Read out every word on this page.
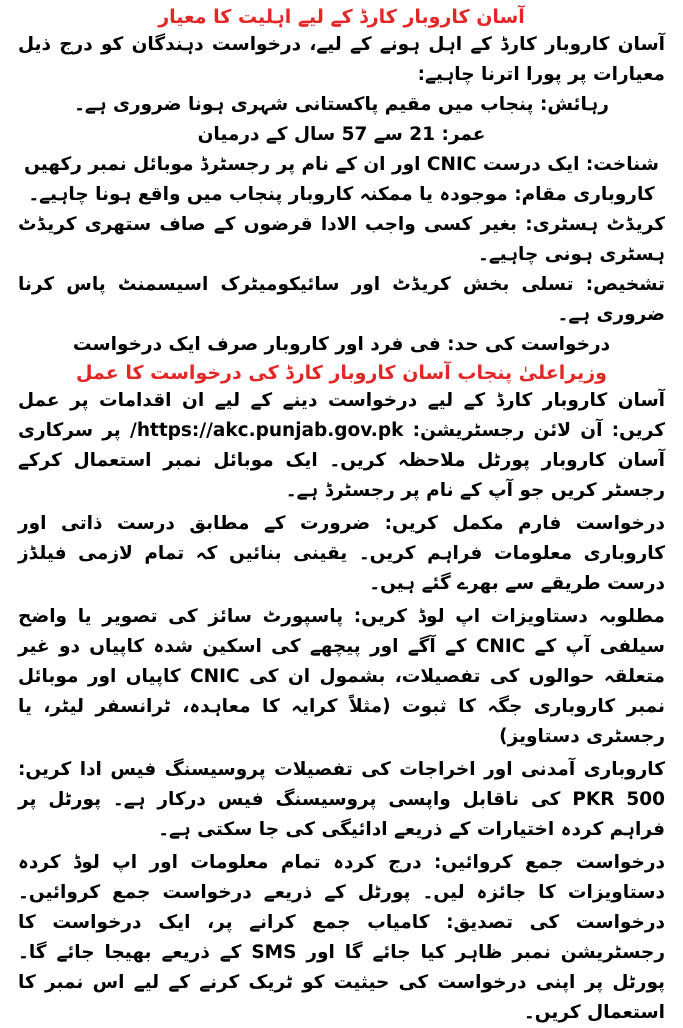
آسان کاروبار کارڈ کے لیے اہلیت کا معیار

آسان کاروبار کارڈ کے اہل ہونے کے لیے، درخواست دہندگان کو درج ذیل معیارات پر پورا اترنا چاہیے:

رہائش: پنجاب میں مقیم پاکستانی شہری ہونا ضروری ہے۔

عمر: 21 سے 57 سال کے درمیان

شناخت: ایک درست CNIC اور ان کے نام پر رجسٹرڈ موبائل نمبر رکھیں

کاروباری مقام: موجودہ یا ممکنہ کاروبار پنجاب میں واقع ہونا چاہیے۔

کریڈٹ ہسٹری: بغیر کسی واجب الادا قرضوں کے صاف ستھری کریڈٹ ہسٹری ہونی چاہیے۔

تشخیص: تسلی بخش کریڈٹ اور سائیکومیٹرک اسیسمنٹ پاس کرنا ضروری ہے۔

درخواست کی حد: فی فرد اور کاروبار صرف ایک درخواست

وزیراعلیٰ پنجاب آسان کاروبار کارڈ کی درخواست کا عمل

آسان کاروبار کارڈ کے لیے درخواست دینے کے لیے ان اقدامات پر عمل کریں: آن لائن رجسٹریشن: https://akc.punjab.gov.pk/ پر سرکاری آسان کاروبار پورٹل ملاحظہ کریں۔ ایک موبائل نمبر استعمال کرکے رجسٹر کریں جو آپ کے نام پر رجسٹرڈ ہے۔

درخواست فارم مکمل کریں: ضرورت کے مطابق درست ذاتی اور کاروباری معلومات فراہم کریں۔ یقینی بنائیں کہ تمام لازمی فیلڈز درست طریقے سے بھرے گئے ہیں۔

مطلوبہ دستاویزات اپ لوڈ کریں: پاسپورٹ سائز کی تصویر یا واضح سیلفی آپ کے CNIC کے آگے اور پیچھے کی اسکین شدہ کاپیاں دو غیر متعلقہ حوالوں کی تفصیلات، بشمول ان کی CNIC کاپیاں اور موبائل نمبر کاروباری جگہ کا ثبوت (مثلاً کرایہ کا معاہدہ، ٹرانسفر لیٹر، یا رجسٹری دستاویز)

کاروباری آمدنی اور اخراجات کی تفصیلات پروسیسنگ فیس ادا کریں: PKR 500 کی ناقابل واپسی پروسیسنگ فیس درکار ہے۔ پورٹل پر فراہم کردہ اختیارات کے ذریعے ادائیگی کی جا سکتی ہے۔

درخواست جمع کروائیں: درج کردہ تمام معلومات اور اپ لوڈ کردہ دستاویزات کا جائزہ لیں۔ پورٹل کے ذریعے درخواست جمع کروائیں۔ درخواست کی تصدیق: کامیاب جمع کرانے پر، ایک درخواست کا رجسٹریشن نمبر ظاہر کیا جائے گا اور SMS کے ذریعے بھیجا جائے گا۔ پورٹل پر اپنی درخواست کی حیثیت کو ٹریک کرنے کے لیے اس نمبر کا استعمال کریں۔
